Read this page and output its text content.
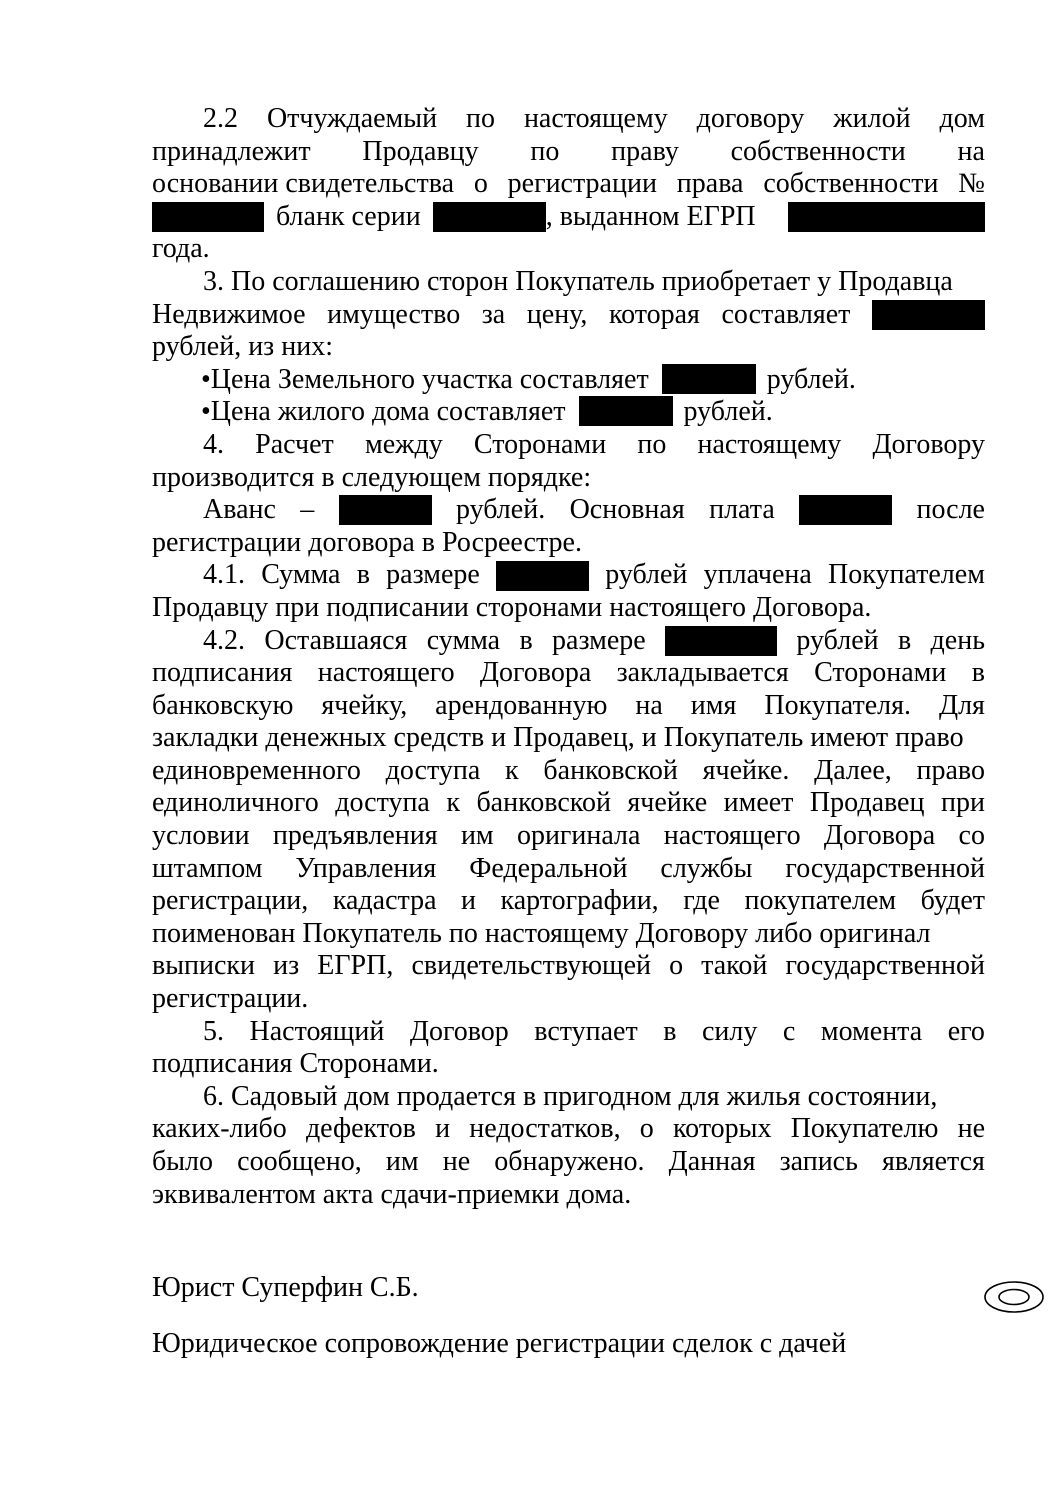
2.2 Отчуждаемый по настоящему договору жилой дом
принадлежит Продавцу по праву собственности на
основании свидетельства о регистрации права собственности №
бланк серии	, выданном ЕГРП
года.
3. По соглашению сторон Покупатель приобретает у Продавца
Недвижимое имущество за цену, которая составляет
рублей, из них:
•Цена Земельного участка составляет	рублей.
•Цена жилого дома составляет	рублей.
4. Расчет между Сторонами по настоящему Договору
производится в следующем порядке:
Аванс –	рублей. Основная плата	после
регистрации договора в Росреестре.
4.1. Сумма в размере	рублей уплачена Покупателем
Продавцу при подписании сторонами настоящего Договора.
4.2. Оставшаяся сумма в размере	рублей в день
подписания настоящего Договора закладывается Сторонами в
банковскую ячейку, арендованную на имя Покупателя. Для
закладки денежных средств и Продавец, и Покупатель имеют право
единовременного доступа к банковской ячейке. Далее, право
единоличного доступа к банковской ячейке имеет Продавец при
условии предъявления им оригинала настоящего Договора со
штампом Управления Федеральной службы государственной
регистрации, кадастра и картографии, где покупателем будет
поименован Покупатель по настоящему Договору либо оригинал
выписки из ЕГРП, свидетельствующей о такой государственной
регистрации.
5. Настоящий Договор вступает в силу с момента его
подписания Сторонами.
6. Садовый дом продается в пригодном для жилья состоянии,
каких-либо дефектов и недостатков, о которых Покупателю не
было сообщено, им не обнаружено. Данная запись является
эквивалентом акта сдачи-приемки дома.
Юрист Суперфин С.Б.
Юридическое сопровождение регистрации сделок с дачей
